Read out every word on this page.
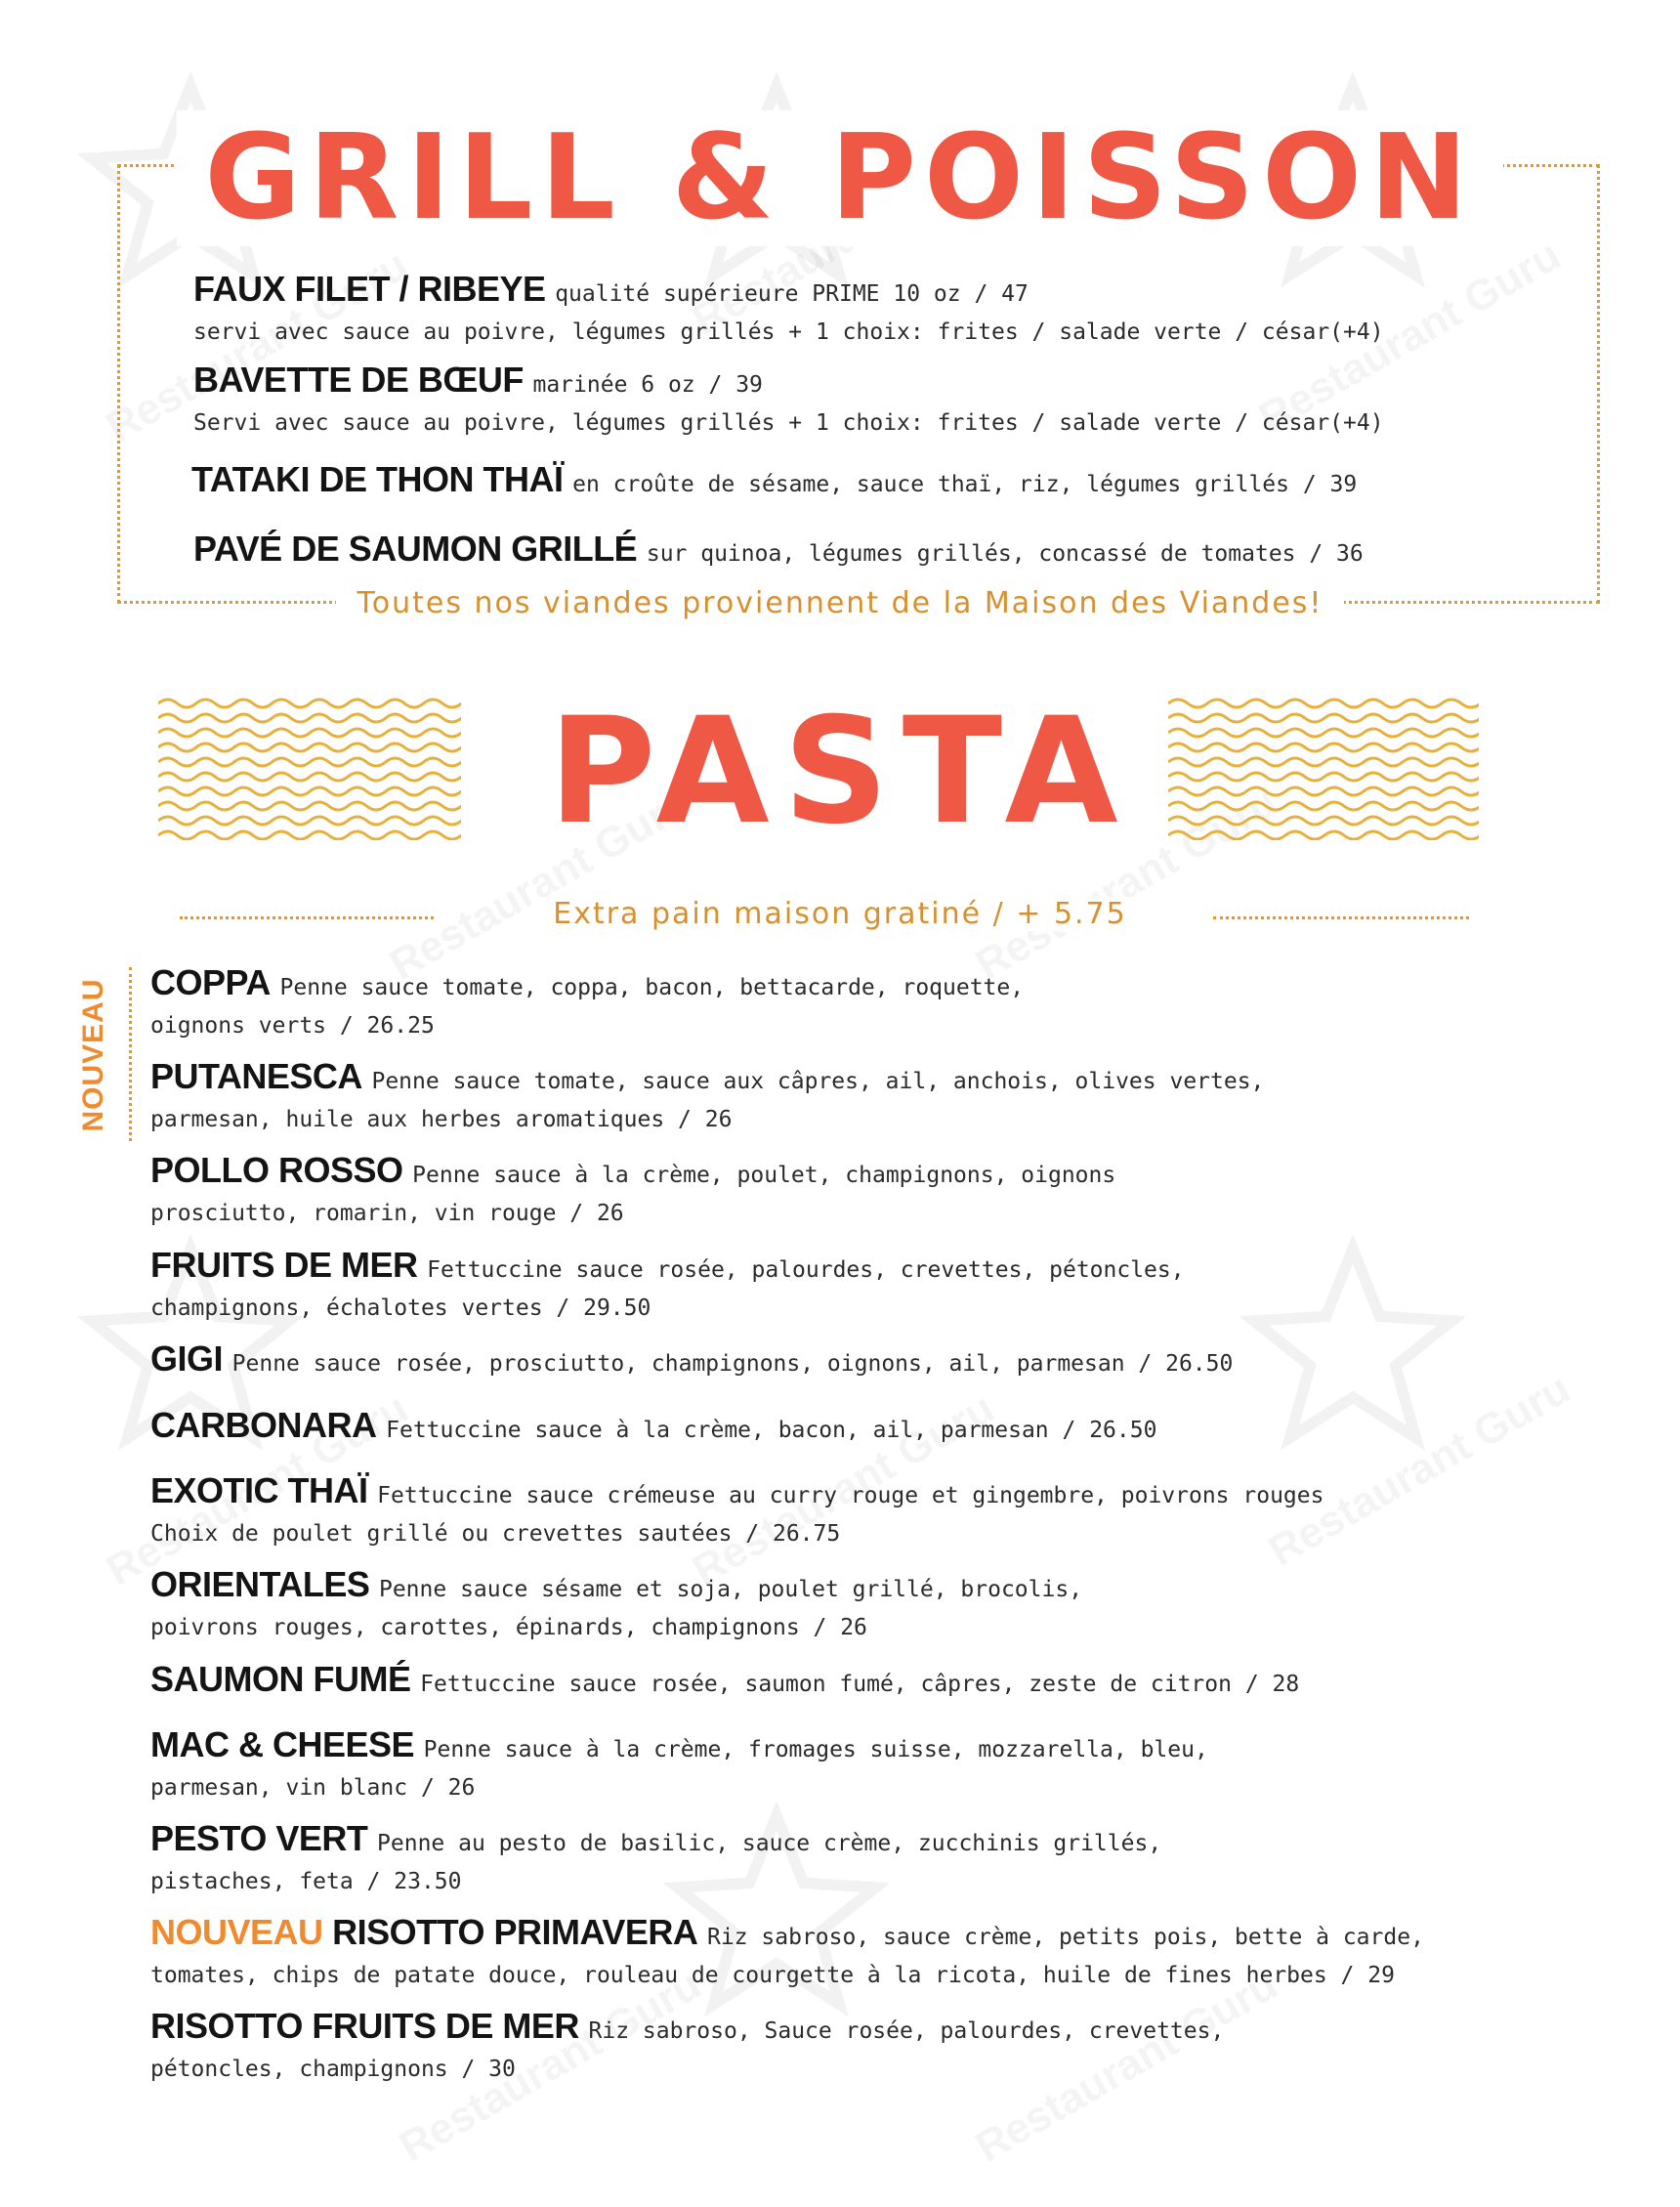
GRILL & POISSON
FAUX FILET / RIBEYE qualité supérieure PRIME 10 oz / 47
servi avec sauce au poivre, légumes grillés + 1 choix: frites / salade verte / césar(+4)
BAVETTE DE BŒUF marinée 6 oz / 39
Servi avec sauce au poivre, légumes grillés + 1 choix: frites / salade verte / césar(+4)
TATAKI DE THON THAÏ en croûte de sésame, sauce thaï, riz, légumes grillés / 39
PAVÉ DE SAUMON GRILLÉ sur quinoa, légumes grillés, concassé de tomates / 36
Toutes nos viandes proviennent de la Maison des Viandes!
PASTA
Extra pain maison gratiné / + 5.75
NOUVEAU	COPPA Penne sauce tomate, coppa, bacon, bettacarde, roquette,
oignons verts / 26.25
PUTANESCA Penne sauce tomate, sauce aux câpres, ail, anchois, olives vertes,
parmesan, huile aux herbes aromatiques / 26
POLLO ROSSO Penne sauce à la crème, poulet, champignons, oignons
prosciutto, romarin, vin rouge / 26
FRUITS DE MER Fettuccine sauce rosée, palourdes, crevettes, pétoncles,
champignons, échalotes vertes / 29.50
GIGI Penne sauce rosée, prosciutto, champignons, oignons, ail, parmesan / 26.50
CARBONARA Fettuccine sauce à la crème, bacon, ail, parmesan / 26.50
EXOTIC THAÏ Fettuccine sauce crémeuse au curry rouge et gingembre, poivrons rouges
Choix de poulet grillé ou crevettes sautées / 26.75
ORIENTALES Penne sauce sésame et soja, poulet grillé, brocolis,
poivrons rouges, carottes, épinards, champignons / 26
SAUMON FUMÉ Fettuccine sauce rosée, saumon fumé, câpres, zeste de citron / 28
MAC & CHEESE Penne sauce à la crème, fromages suisse, mozzarella, bleu,
parmesan, vin blanc / 26
PESTO VERT Penne au pesto de basilic, sauce crème, zucchinis grillés,
pistaches, feta / 23.50
NOUVEAU RISOTTO PRIMAVERA Riz sabroso, sauce crème, petits pois, bette à carde,
tomates, chips de patate douce, rouleau de courgette à la ricota, huile de fines herbes / 29
RISOTTO FRUITS DE MER Riz sabroso, Sauce rosée, palourdes, crevettes,
pétoncles, champignons / 30
